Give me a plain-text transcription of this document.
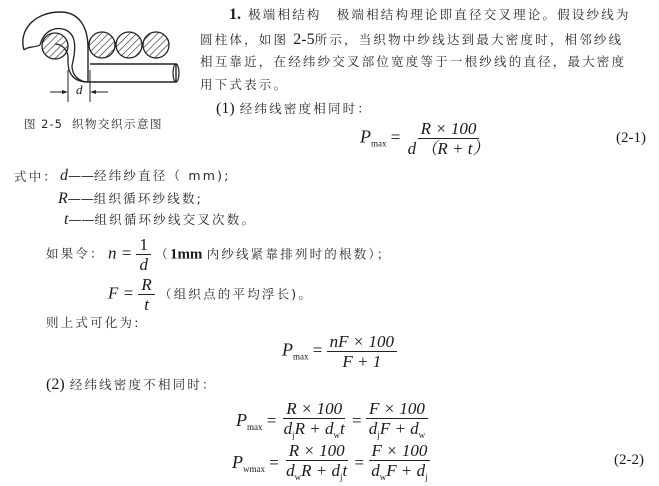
d
图 2-5 织物交织示意图
1. 极端相结构 极端相结构理论即直径交叉理论。假设纱线为
圆柱体，如图 2-5所示，当织物中纱线达到最大密度时，相邻纱线
相互靠近，在经纬纱交叉部位宽度等于一根纱线的直径，最大密度
用下式表示。
(1) 经纬线密度相同时：
$P_{max} = \frac{R \times 100}{d (R + t)}$	(2-1)
式中： d——经纬纱直径（ mm);
R——组织循环纱线数;
t——组织循环纱线交叉次数。
如果令： $n = \frac{1}{d} (1mm$ 内纱线紧靠排列时的根数）；
$F = \frac{R}{t}$ （组织点的平均浮长)。
则上式可化为:
$P_{max} = \frac{nF \times 100}{F + 1}$
(2) 经纬线密度不相同时：
$P_{max} = \frac{R \times 100}{d_jR + d_wt} = \frac{F \times 100}{d_jF + d_w}$
$P_{wmax} = \frac{R \times 100}{d_wR + d_jt} = \frac{F \times 100}{d_wF + d_j}$	(2-2)
